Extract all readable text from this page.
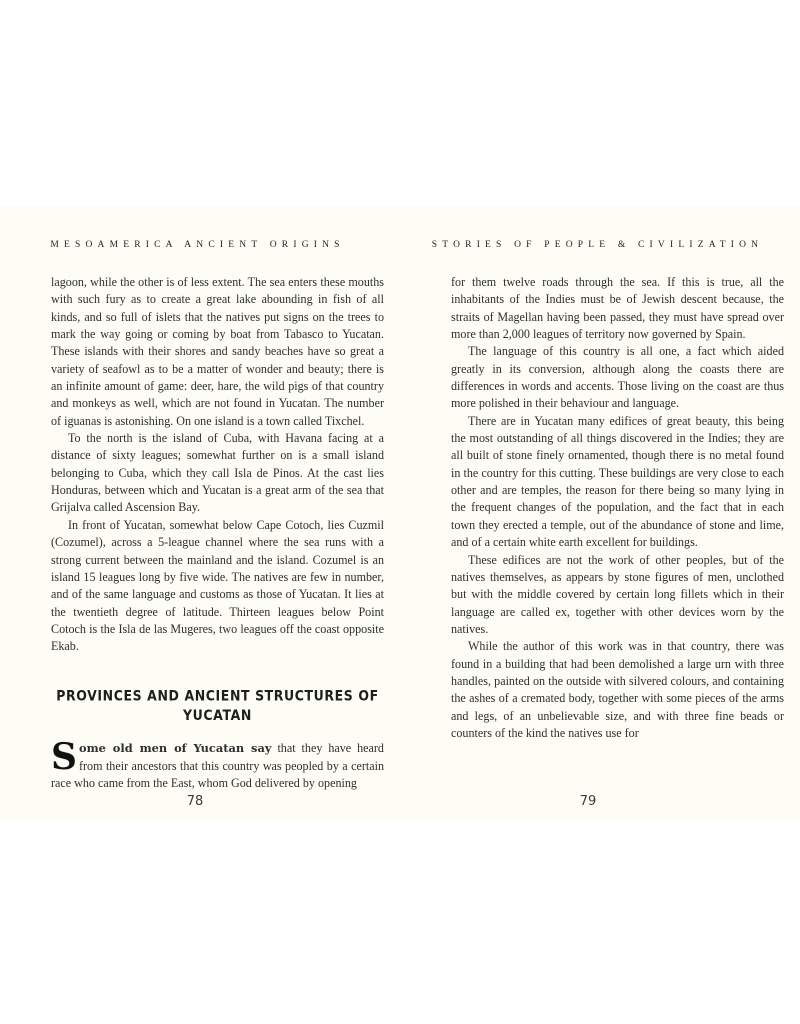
MESOAMERICA ANCIENT ORIGINS

lagoon, while the other is of less extent. The sea enters these mouths with such fury as to create a great lake abounding in fish of all kinds, and so full of islets that the natives put signs on the trees to mark the way going or coming by boat from Tabasco to Yucatan. These islands with their shores and sandy beaches have so great a variety of seafowl as to be a matter of wonder and beauty; there is an infinite amount of game: deer, hare, the wild pigs of that country and monkeys as well, which are not found in Yucatan. The number of iguanas is astonishing. On one island is a town called Tixchel.

To the north is the island of Cuba, with Havana facing at a distance of sixty leagues; somewhat further on is a small island belonging to Cuba, which they call Isla de Pinos. At the cast lies Honduras, between which and Yucatan is a great arm of the sea that Grijalva called Ascension Bay.

In front of Yucatan, somewhat below Cape Cotoch, lies Cuzmil (Cozumel), across a 5-league channel where the sea runs with a strong current between the mainland and the island. Cozumel is an island 15 leagues long by five wide. The natives are few in number, and of the same language and customs as those of Yucatan. It lies at the twentieth degree of latitude. Thirteen leagues below Point Cotoch is the Isla de las Mugeres, two leagues off the coast opposite Ekab.

PROVINCES AND ANCIENT STRUCTURES OF YUCATAN

Some old men of Yucatan say that they have heard from their ancestors that this country was peopled by a certain race who came from the East, whom God delivered by opening

78
STORIES OF PEOPLE & CIVILIZATION

for them twelve roads through the sea. If this is true, all the inhabitants of the Indies must be of Jewish descent because, the straits of Magellan having been passed, they must have spread over more than 2,000 leagues of territory now governed by Spain.

The language of this country is all one, a fact which aided greatly in its conversion, although along the coasts there are differences in words and accents. Those living on the coast are thus more polished in their behaviour and language.

There are in Yucatan many edifices of great beauty, this being the most outstanding of all things discovered in the Indies; they are all built of stone finely ornamented, though there is no metal found in the country for this cutting. These buildings are very close to each other and are temples, the reason for there being so many lying in the frequent changes of the population, and the fact that in each town they erected a temple, out of the abundance of stone and lime, and of a certain white earth excellent for buildings.

These edifices are not the work of other peoples, but of the natives themselves, as appears by stone figures of men, unclothed but with the middle covered by certain long fillets which in their language are called ex, together with other devices worn by the natives.

While the author of this work was in that country, there was found in a building that had been demolished a large urn with three handles, painted on the outside with silvered colours, and containing the ashes of a cremated body, together with some pieces of the arms and legs, of an unbelievable size, and with three fine beads or counters of the kind the natives use for

79
